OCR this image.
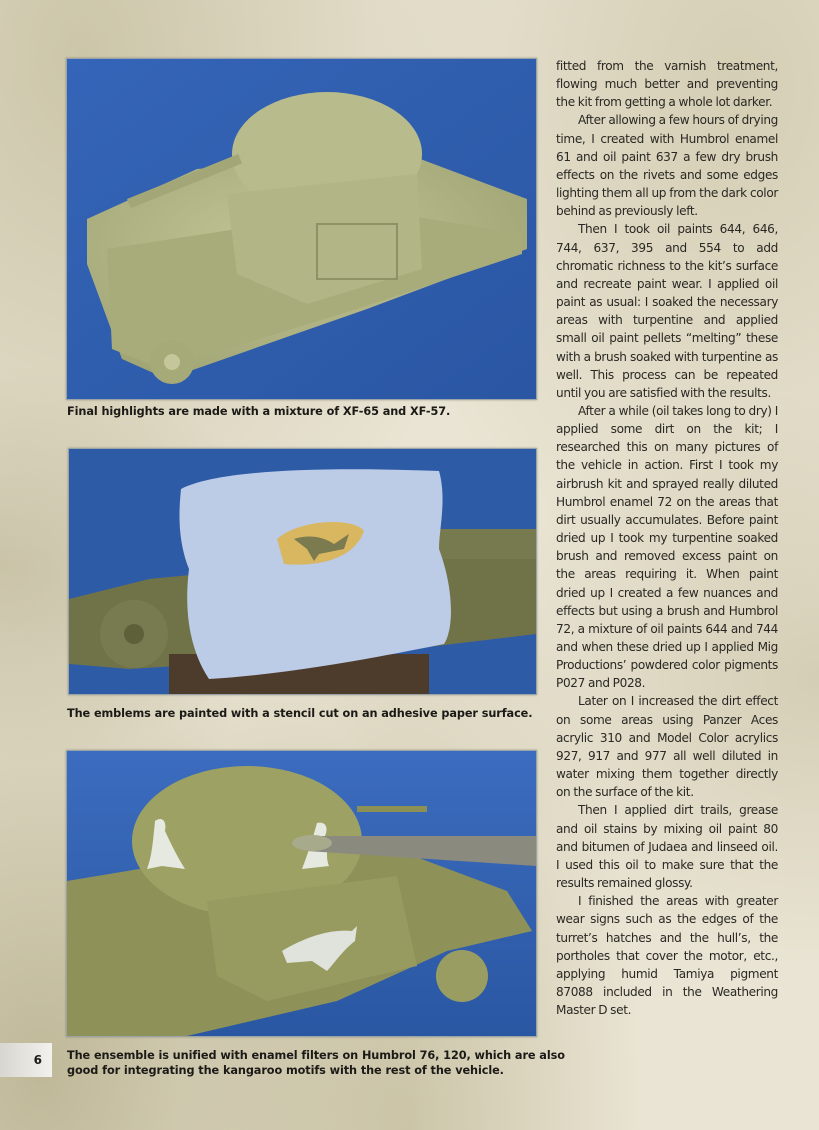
Final highlights are made with a mixture of XF-65 and XF-57.
The emblems are painted with a stencil cut on an adhesive paper surface.
The ensemble is unified with enamel filters on Humbrol 76, 120, which are also
good for integrating the kangaroo motifs with the rest of the vehicle.
6

fitted from the varnish treatment, flowing much better and preventing the kit from getting a whole lot darker.

After allowing a few hours of drying time, I created with Humbrol enamel 61 and oil paint 637 a few dry brush effects on the rivets and some edges lighting them all up from the dark color behind as previously left.

Then I took oil paints 644, 646, 744, 637, 395 and 554 to add chromatic richness to the kit’s surface and recreate paint wear. I applied oil paint as usual: I soaked the necessary areas with turpentine and applied small oil paint pellets “melting” these with a brush soaked with turpentine as well. This process can be repeated until you are satisfied with the results.

After a while (oil takes long to dry) I applied some dirt on the kit; I researched this on many pictures of the vehicle in action. First I took my airbrush kit and sprayed really diluted Humbrol enamel 72 on the areas that dirt usually accumulates. Before paint dried up I took my turpentine soaked brush and removed excess paint on the areas requiring it. When paint dried up I created a few nuances and effects but using a brush and Humbrol 72, a mixture of oil paints 644 and 744 and when these dried up I applied Mig Productions’ powdered color pigments P027 and P028.

Later on I increased the dirt effect on some areas using Panzer Aces acrylic 310 and Model Color acrylics 927, 917 and 977 all well diluted in water mixing them together directly on the surface of the kit.

Then I applied dirt trails, grease and oil stains by mixing oil paint 80 and bitumen of Judaea and linseed oil. I used this oil to make sure that the results remained glossy.

I finished the areas with greater wear signs such as the edges of the turret’s hatches and the hull’s, the portholes that cover the motor, etc., applying humid Tamiya pigment 87088 included in the Weathering Master D set.
